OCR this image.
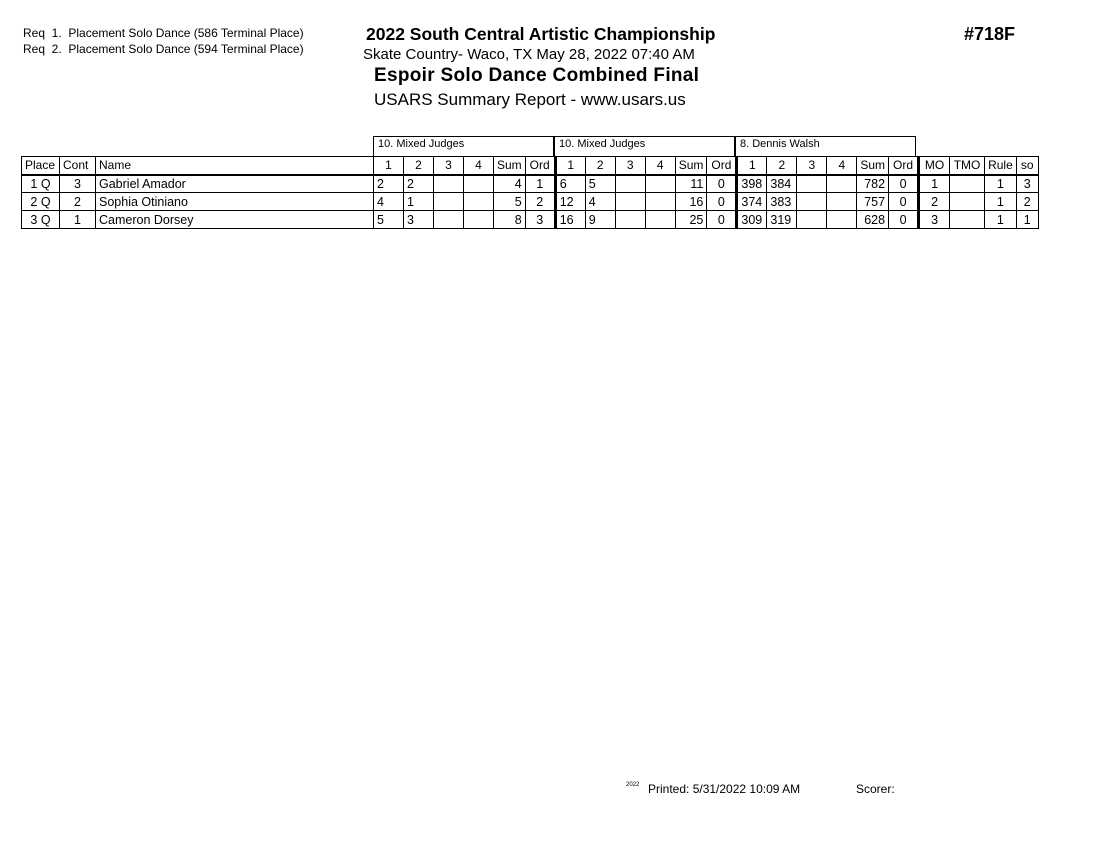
Req  1.  Placement Solo Dance (586 Terminal Place)
Req  2.  Placement Solo Dance (594 Terminal Place)
2022 South Central Artistic Championship
Skate Country- Waco, TX May 28, 2022 07:40 AM
Espoir Solo Dance Combined Final
USARS Summary Report - www.usars.us
#718F
10. Mixed Judges	10. Mixed Judges	8. Dennis Walsh
Place	Cont	Name	1	2	3	4	Sum	Ord	1	2	3	4	Sum	Ord	1	2	3	4	Sum	Ord	MO	TMO	Rule	so
1 Q	3	Gabriel Amador	2	2			4	1	6	5			11	0	398	384			782	0	1		1	3
2 Q	2	Sophia Otiniano	4	1			5	2	12	4			16	0	374	383			757	0	2		1	2
3 Q	1	Cameron Dorsey	5	3			8	3	16	9			25	0	309	319			628	0	3		1	1
2022 Printed: 5/31/2022 10:09 AM	Scorer:
